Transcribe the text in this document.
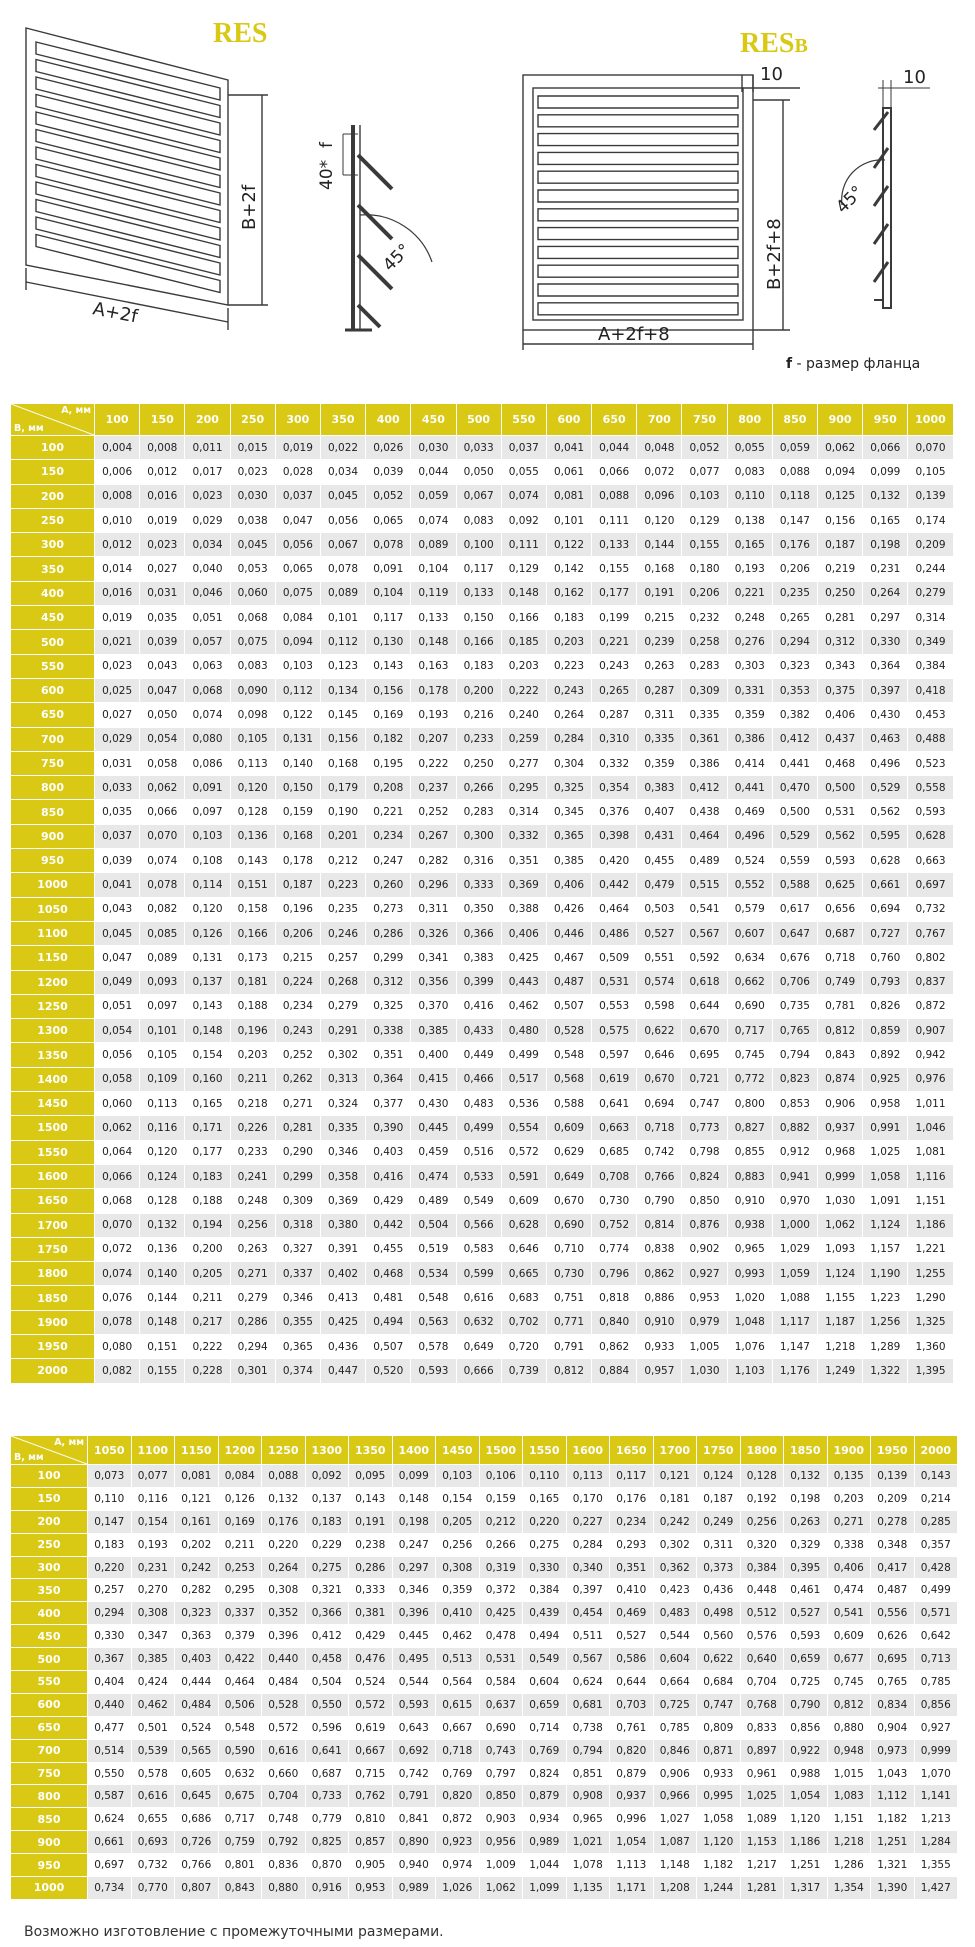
RES	RESB
A+2f
B+2f
f
40*
45°
A+2f+8
B+2f+8
10	10
45°
f - размер фланца
А, мм
В, мм	100	150	200	250	300	350	400	450	500	550	600	650	700	750	800	850	900	950	1000
100	0,004	0,008	0,011	0,015	0,019	0,022	0,026	0,030	0,033	0,037	0,041	0,044	0,048	0,052	0,055	0,059	0,062	0,066	0,070
150	0,006	0,012	0,017	0,023	0,028	0,034	0,039	0,044	0,050	0,055	0,061	0,066	0,072	0,077	0,083	0,088	0,094	0,099	0,105
200	0,008	0,016	0,023	0,030	0,037	0,045	0,052	0,059	0,067	0,074	0,081	0,088	0,096	0,103	0,110	0,118	0,125	0,132	0,139
250	0,010	0,019	0,029	0,038	0,047	0,056	0,065	0,074	0,083	0,092	0,101	0,111	0,120	0,129	0,138	0,147	0,156	0,165	0,174
300	0,012	0,023	0,034	0,045	0,056	0,067	0,078	0,089	0,100	0,111	0,122	0,133	0,144	0,155	0,165	0,176	0,187	0,198	0,209
350	0,014	0,027	0,040	0,053	0,065	0,078	0,091	0,104	0,117	0,129	0,142	0,155	0,168	0,180	0,193	0,206	0,219	0,231	0,244
400	0,016	0,031	0,046	0,060	0,075	0,089	0,104	0,119	0,133	0,148	0,162	0,177	0,191	0,206	0,221	0,235	0,250	0,264	0,279
450	0,019	0,035	0,051	0,068	0,084	0,101	0,117	0,133	0,150	0,166	0,183	0,199	0,215	0,232	0,248	0,265	0,281	0,297	0,314
500	0,021	0,039	0,057	0,075	0,094	0,112	0,130	0,148	0,166	0,185	0,203	0,221	0,239	0,258	0,276	0,294	0,312	0,330	0,349
550	0,023	0,043	0,063	0,083	0,103	0,123	0,143	0,163	0,183	0,203	0,223	0,243	0,263	0,283	0,303	0,323	0,343	0,364	0,384
600	0,025	0,047	0,068	0,090	0,112	0,134	0,156	0,178	0,200	0,222	0,243	0,265	0,287	0,309	0,331	0,353	0,375	0,397	0,418
650	0,027	0,050	0,074	0,098	0,122	0,145	0,169	0,193	0,216	0,240	0,264	0,287	0,311	0,335	0,359	0,382	0,406	0,430	0,453
700	0,029	0,054	0,080	0,105	0,131	0,156	0,182	0,207	0,233	0,259	0,284	0,310	0,335	0,361	0,386	0,412	0,437	0,463	0,488
750	0,031	0,058	0,086	0,113	0,140	0,168	0,195	0,222	0,250	0,277	0,304	0,332	0,359	0,386	0,414	0,441	0,468	0,496	0,523
800	0,033	0,062	0,091	0,120	0,150	0,179	0,208	0,237	0,266	0,295	0,325	0,354	0,383	0,412	0,441	0,470	0,500	0,529	0,558
850	0,035	0,066	0,097	0,128	0,159	0,190	0,221	0,252	0,283	0,314	0,345	0,376	0,407	0,438	0,469	0,500	0,531	0,562	0,593
900	0,037	0,070	0,103	0,136	0,168	0,201	0,234	0,267	0,300	0,332	0,365	0,398	0,431	0,464	0,496	0,529	0,562	0,595	0,628
950	0,039	0,074	0,108	0,143	0,178	0,212	0,247	0,282	0,316	0,351	0,385	0,420	0,455	0,489	0,524	0,559	0,593	0,628	0,663
1000	0,041	0,078	0,114	0,151	0,187	0,223	0,260	0,296	0,333	0,369	0,406	0,442	0,479	0,515	0,552	0,588	0,625	0,661	0,697
1050	0,043	0,082	0,120	0,158	0,196	0,235	0,273	0,311	0,350	0,388	0,426	0,464	0,503	0,541	0,579	0,617	0,656	0,694	0,732
1100	0,045	0,085	0,126	0,166	0,206	0,246	0,286	0,326	0,366	0,406	0,446	0,486	0,527	0,567	0,607	0,647	0,687	0,727	0,767
1150	0,047	0,089	0,131	0,173	0,215	0,257	0,299	0,341	0,383	0,425	0,467	0,509	0,551	0,592	0,634	0,676	0,718	0,760	0,802
1200	0,049	0,093	0,137	0,181	0,224	0,268	0,312	0,356	0,399	0,443	0,487	0,531	0,574	0,618	0,662	0,706	0,749	0,793	0,837
1250	0,051	0,097	0,143	0,188	0,234	0,279	0,325	0,370	0,416	0,462	0,507	0,553	0,598	0,644	0,690	0,735	0,781	0,826	0,872
1300	0,054	0,101	0,148	0,196	0,243	0,291	0,338	0,385	0,433	0,480	0,528	0,575	0,622	0,670	0,717	0,765	0,812	0,859	0,907
1350	0,056	0,105	0,154	0,203	0,252	0,302	0,351	0,400	0,449	0,499	0,548	0,597	0,646	0,695	0,745	0,794	0,843	0,892	0,942
1400	0,058	0,109	0,160	0,211	0,262	0,313	0,364	0,415	0,466	0,517	0,568	0,619	0,670	0,721	0,772	0,823	0,874	0,925	0,976
1450	0,060	0,113	0,165	0,218	0,271	0,324	0,377	0,430	0,483	0,536	0,588	0,641	0,694	0,747	0,800	0,853	0,906	0,958	1,011
1500	0,062	0,116	0,171	0,226	0,281	0,335	0,390	0,445	0,499	0,554	0,609	0,663	0,718	0,773	0,827	0,882	0,937	0,991	1,046
1550	0,064	0,120	0,177	0,233	0,290	0,346	0,403	0,459	0,516	0,572	0,629	0,685	0,742	0,798	0,855	0,912	0,968	1,025	1,081
1600	0,066	0,124	0,183	0,241	0,299	0,358	0,416	0,474	0,533	0,591	0,649	0,708	0,766	0,824	0,883	0,941	0,999	1,058	1,116
1650	0,068	0,128	0,188	0,248	0,309	0,369	0,429	0,489	0,549	0,609	0,670	0,730	0,790	0,850	0,910	0,970	1,030	1,091	1,151
1700	0,070	0,132	0,194	0,256	0,318	0,380	0,442	0,504	0,566	0,628	0,690	0,752	0,814	0,876	0,938	1,000	1,062	1,124	1,186
1750	0,072	0,136	0,200	0,263	0,327	0,391	0,455	0,519	0,583	0,646	0,710	0,774	0,838	0,902	0,965	1,029	1,093	1,157	1,221
1800	0,074	0,140	0,205	0,271	0,337	0,402	0,468	0,534	0,599	0,665	0,730	0,796	0,862	0,927	0,993	1,059	1,124	1,190	1,255
1850	0,076	0,144	0,211	0,279	0,346	0,413	0,481	0,548	0,616	0,683	0,751	0,818	0,886	0,953	1,020	1,088	1,155	1,223	1,290
1900	0,078	0,148	0,217	0,286	0,355	0,425	0,494	0,563	0,632	0,702	0,771	0,840	0,910	0,979	1,048	1,117	1,187	1,256	1,325
1950	0,080	0,151	0,222	0,294	0,365	0,436	0,507	0,578	0,649	0,720	0,791	0,862	0,933	1,005	1,076	1,147	1,218	1,289	1,360
2000	0,082	0,155	0,228	0,301	0,374	0,447	0,520	0,593	0,666	0,739	0,812	0,884	0,957	1,030	1,103	1,176	1,249	1,322	1,395
А, мм
В, мм	1050	1100	1150	1200	1250	1300	1350	1400	1450	1500	1550	1600	1650	1700	1750	1800	1850	1900	1950	2000
100	0,073	0,077	0,081	0,084	0,088	0,092	0,095	0,099	0,103	0,106	0,110	0,113	0,117	0,121	0,124	0,128	0,132	0,135	0,139	0,143
150	0,110	0,116	0,121	0,126	0,132	0,137	0,143	0,148	0,154	0,159	0,165	0,170	0,176	0,181	0,187	0,192	0,198	0,203	0,209	0,214
200	0,147	0,154	0,161	0,169	0,176	0,183	0,191	0,198	0,205	0,212	0,220	0,227	0,234	0,242	0,249	0,256	0,263	0,271	0,278	0,285
250	0,183	0,193	0,202	0,211	0,220	0,229	0,238	0,247	0,256	0,266	0,275	0,284	0,293	0,302	0,311	0,320	0,329	0,338	0,348	0,357
300	0,220	0,231	0,242	0,253	0,264	0,275	0,286	0,297	0,308	0,319	0,330	0,340	0,351	0,362	0,373	0,384	0,395	0,406	0,417	0,428
350	0,257	0,270	0,282	0,295	0,308	0,321	0,333	0,346	0,359	0,372	0,384	0,397	0,410	0,423	0,436	0,448	0,461	0,474	0,487	0,499
400	0,294	0,308	0,323	0,337	0,352	0,366	0,381	0,396	0,410	0,425	0,439	0,454	0,469	0,483	0,498	0,512	0,527	0,541	0,556	0,571
450	0,330	0,347	0,363	0,379	0,396	0,412	0,429	0,445	0,462	0,478	0,494	0,511	0,527	0,544	0,560	0,576	0,593	0,609	0,626	0,642
500	0,367	0,385	0,403	0,422	0,440	0,458	0,476	0,495	0,513	0,531	0,549	0,567	0,586	0,604	0,622	0,640	0,659	0,677	0,695	0,713
550	0,404	0,424	0,444	0,464	0,484	0,504	0,524	0,544	0,564	0,584	0,604	0,624	0,644	0,664	0,684	0,704	0,725	0,745	0,765	0,785
600	0,440	0,462	0,484	0,506	0,528	0,550	0,572	0,593	0,615	0,637	0,659	0,681	0,703	0,725	0,747	0,768	0,790	0,812	0,834	0,856
650	0,477	0,501	0,524	0,548	0,572	0,596	0,619	0,643	0,667	0,690	0,714	0,738	0,761	0,785	0,809	0,833	0,856	0,880	0,904	0,927
700	0,514	0,539	0,565	0,590	0,616	0,641	0,667	0,692	0,718	0,743	0,769	0,794	0,820	0,846	0,871	0,897	0,922	0,948	0,973	0,999
750	0,550	0,578	0,605	0,632	0,660	0,687	0,715	0,742	0,769	0,797	0,824	0,851	0,879	0,906	0,933	0,961	0,988	1,015	1,043	1,070
800	0,587	0,616	0,645	0,675	0,704	0,733	0,762	0,791	0,820	0,850	0,879	0,908	0,937	0,966	0,995	1,025	1,054	1,083	1,112	1,141
850	0,624	0,655	0,686	0,717	0,748	0,779	0,810	0,841	0,872	0,903	0,934	0,965	0,996	1,027	1,058	1,089	1,120	1,151	1,182	1,213
900	0,661	0,693	0,726	0,759	0,792	0,825	0,857	0,890	0,923	0,956	0,989	1,021	1,054	1,087	1,120	1,153	1,186	1,218	1,251	1,284
950	0,697	0,732	0,766	0,801	0,836	0,870	0,905	0,940	0,974	1,009	1,044	1,078	1,113	1,148	1,182	1,217	1,251	1,286	1,321	1,355
1000	0,734	0,770	0,807	0,843	0,880	0,916	0,953	0,989	1,026	1,062	1,099	1,135	1,171	1,208	1,244	1,281	1,317	1,354	1,390	1,427
Возможно изготовление с промежуточными размерами.
